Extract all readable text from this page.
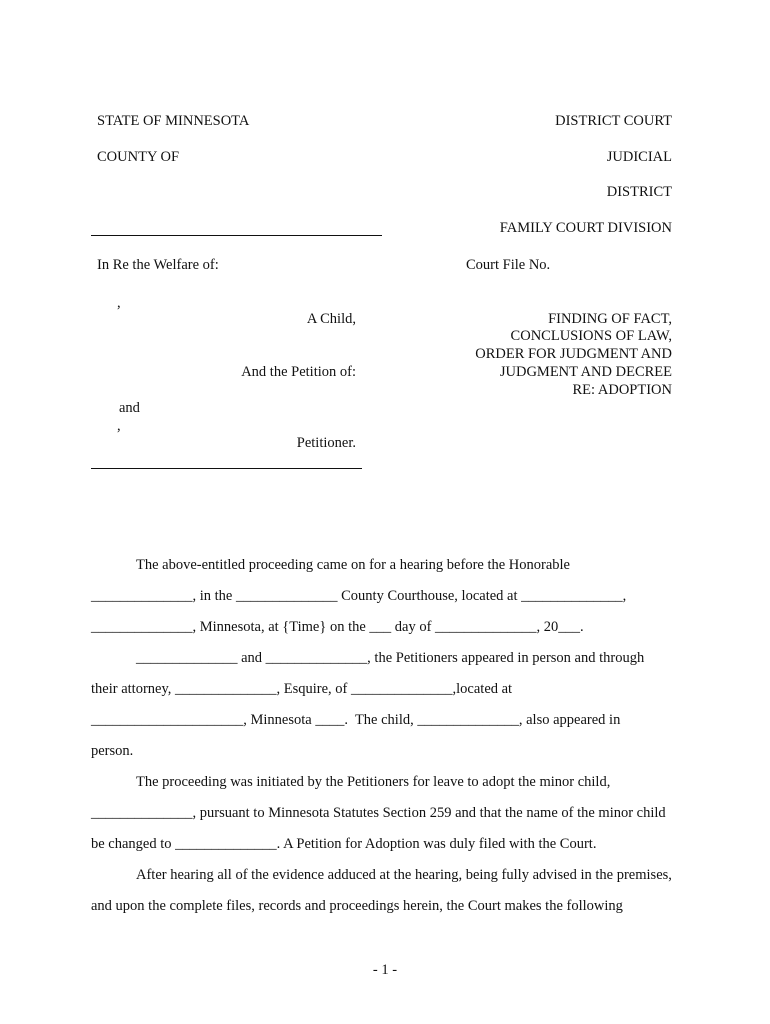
STATE OF MINNESOTA	DISTRICT COURT
COUNTY OF	JUDICIAL
DISTRICT
FAMILY COURT DIVISION
In Re the Welfare of:
,
A Child,
And the Petition of:
and
,
Petitioner.
Court File No.
FINDING OF FACT,
CONCLUSIONS OF LAW,
ORDER FOR JUDGMENT AND
JUDGMENT AND DECREE
RE: ADOPTION
The above-entitled proceeding came on for a hearing before the Honorable
______________, in the ______________ County Courthouse, located at ______________,
______________, Minnesota, at {Time} on the ___ day of ______________, 20___.
______________ and ______________, the Petitioners appeared in person and through
their attorney, ______________, Esquire, of ______________,located at
_____________________, Minnesota ____.  The child, ______________, also appeared in
person.
The proceeding was initiated by the Petitioners for leave to adopt the minor child,
______________, pursuant to Minnesota Statutes Section 259 and that the name of the minor child
be changed to ______________. A Petition for Adoption was duly filed with the Court.
After hearing all of the evidence adduced at the hearing, being fully advised in the premises,
and upon the complete files, records and proceedings herein, the Court makes the following
- 1 -
